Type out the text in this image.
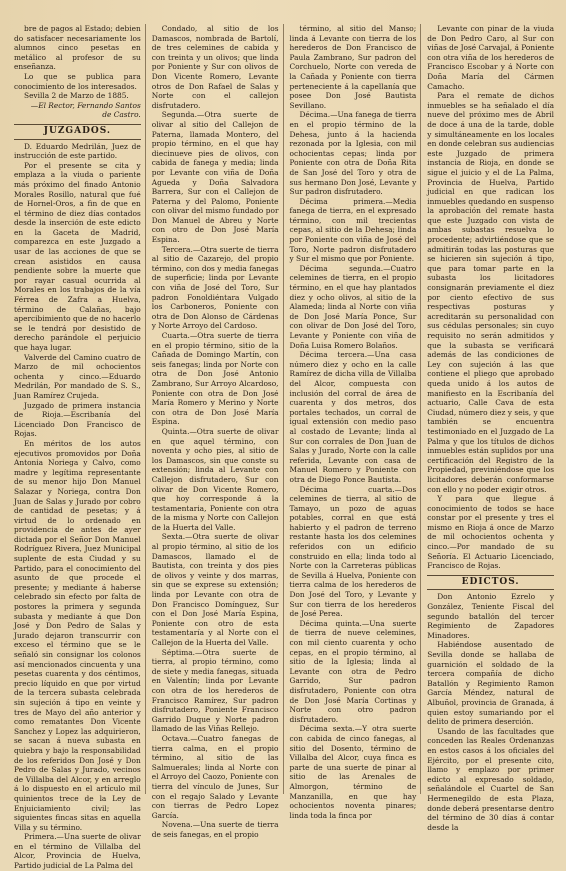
bre de pagos al Estado; debien do satisfacer necesariamente los alumnos cinco pesetas en metálico al profesor de su enseñanza.

Lo que se publica para conocimiento de los interesados.

Sevilla 2 de Marzo de 1885.

—El Rector, Fernando Santos de Castro.

JUZGADOS.

D. Eduardo Medrilán, Juez de instrucción de este partido.

Por el presente se cita y emplaza a la viuda o pariente más próximo del finado Antonio Morales Rosillo, natural que fué de Hornel-Oros, a fin de que en el término de diez días contados desde la inserción de este edicto en la Gaceta de Madrid, comparezca en este Juzgado a usar de las acciones de que se crean asistidos en causa pendiente sobre la muerte que por rayar casual ocurrida al Morales en los trabajos de la vía Férrea de Zafra a Huelva, término de Calañas, bajo apercibimiento que de no hacerlo se le tendrá por desistido de derecho parándole el perjuicio que haya lugar.

Valverde del Camino cuatro de Marzo de mil ochocientos ochenta y cinco.—Eduardo Medrilán, Por mandado de S. S., Juan Ramírez Crujeda.

Juzgado de primera instancia de Rioja.—Escribanía del Licenciado Don Francisco de Rojas.

En méritos de los autos ejecutivos promovidos por Doña Antonia Noriega y Calvo, como madre y legítima representante de su menor hijo Don Manuel Salazar y Noriega, contra Don Juan de Salas y Jurado por cobro de cantidad de pesetas; y á virtud de lo ordenado en providencia de antes de ayer dictada por el Señor Don Manuel Rodríguez Rivera, Juez Municipal suplente de esta Ciudad y su Partido, para el conocimiento del asunto de que procede el presente; y mediante á haberse celebrado sin efecto por falta de postores la primera y segunda subasta y mediante á que Don José y Don Pedro de Salas y Jurado dejaron transcurrir con exceso el término que se le señaló sin consignar los colonos así mencionados cincuenta y una pesetas cuarenta y dos céntimos, precio líquido en que por virtud de la tercera subasta celebrada sin sujeción á tipo en veinte y tres de Mayo del año anterior y como rematantes Don Vicente Sanchez y Lopez las adquirieron, se sacan á nueva subasta en quiebra y bajo la responsabilidad de los referidos Don José y Don Pedro de Salas y Jurado, vecinos de Villalba del Alcor, y en arreglo á lo dispuesto en el artículo mil quinientos trece de la Ley de Enjuiciamiento civil; las siguientes fincas sitas en aquella Villa y su término.

Primera.—Una suerte de olivar en el término de Villalba del Alcor, Provincia de Huelva, Partido judicial de La Palma del

Condado, al sitio de los Damascos, nombrada de Bartolí, de tres celemines de cabida y con treinta y un olivos; que linda por Poniente y Sur con olivos de Don Vicente Romero, Levante otros de Don Rafael de Salas y Norte con el callejon disfrutadero.

Segunda.—Otra suerte de olivar al sitio del Callejon de Paterna, llamada Montero, del propio término, en el que hay diecinueve pies de olivos, con cabida de fanega y media; linda por Levante con viña de Doña Agueda y Doña Salvadora Barrera, Sur con el Callejon de Paterna y del Palomo, Poniente con olivar del mismo fundado por Don Manuel de Abreu y Norte con otro de Don José María Espina.

Tercera.—Otra suerte de tierra al sitio de Cazarejo, del propio término, con dos y media fanegas de superficie; linda por Levante con viña de José del Toro, Sur padron Fonoldiéntara Vulgado los Carboneros, Poniente con otra de Don Alonso de Cárdenas y Norte Arroyo del Cardoso.

Cuarta.—Otra suerte de tierra en el propio término, sitio de la Cañada de Domingo Martín, con seis fanegas; linda por Norte con otra de Don José Antonio Zambrano, Sur Arroyo Alcardoso, Poniente con otra de Don José María Romero y Merino y Norte con otra de Don José María Espina.

Quinta.—Otra suerte de olivar en que aquel término, con noventa y ocho pies, al sitio de los Damascos, sin que conste su extensión; linda al Levante con Callejon disfrutadero, Sur con olivar de Don Vicente Romero, que hoy corresponde á la testamentaria, Poniente con otra de la misma y Norte con Callejon de la Huerta del Valle.

Sexta.—Otra suerte de olivar al propio término, al sitio de los Damascos, llamado el de Bautista, con treinta y dos pies de olivos y veinte y dos marras, sin que se exprese su extensión; linda por Levante con otra de Don Francisco Domínguez, Sur con el Don José María Espina, Poniente con otro de esta testamentaría y al Norte con el Callejon de la Huerta del Valle.

Séptima.—Otra suerte de tierra, al propio término, como de siete y media fanegas, situada en Valentín; linda por Levante con otra de los herederos de Francisco Ramírez, Sur padron disfrutadero, Poniente Francisco Garrido Duque y Norte padron llamado de las Viñas Rellejo.

Octava.—Cuatro fanegas de tierra calma, en el propio término, al sitio de las Salmuerales; linda al Norte con el Arroyo del Caozo, Poniente con tierra del vínculo de Junes, Sur con el regajo Salado y Levante con tierras de Pedro Lopez García.

Novena.—Una suerte de tierra de seis fanegas, en el propio

término, al sitio del Manso; linda á Levante con tierra de los herederos de Don Francisco de Paula Zambrano, Sur padron del Corchuelo, Norte con vereda de la Cañada y Poniente con tierra perteneciente á la capellanía que posee Don José Bautista Sevillano.

Décima.—Una fanega de tierra en el propio término de la Dehesa, junto á la hacienda rezonada por la Iglesia, con mil ochocientas cepas; linda por Poniente con otra de Doña Rita de San José del Toro y otra de sus hermano Don José, Levante y Sur padron disfrutadero.

Décima primera.—Media fanega de tierra, en el expresado término, con mil trecientas cepas, al sitio de la Dehesa; linda por Poniente con viña de José del Toro, Norte padron disfrutadero y Sur el mismo que por Poniente.

Décima segunda.—Cuatro celemines de tierra, en el propio término, en el que hay plantados diez y ocho olivos, al sitio de la Alameda; linda al Norte con viña de Don José María Ponce, Sur con olivar de Don José del Toro, Levante y Poniente con viña de Doña Luisa Romero Bolaños.

Décima tercera.—Una casa número diez y ocho en la calle Ramírez de dicha villa de Villalba del Alcor, compuesta con inclusión del corral de área de cuarenta y dos metros, dos portales techados, un corral de igual extensión con medio paso al costado de Levante; linda al Sur con corrales de Don Juan de Salas y Jurado, Norte con la calle referida, Levante con casa de Manuel Romero y Poniente con otra de Diego Ponce Bautista.

Décima cuarta.—Dos celemines de tierra, al sitio de Tamayo, un pozo de aguas potables, corral en que está habierto y el padron de terreno restante hasta los dos celemines referidos con un edificio construido en ella; linda todo al Norte con la Carreteras públicas de Sevilla á Huelva, Poniente con tierra calma de los herederos de Don José del Toro, y Levante y Sur con tierra de los herederos de José Perea.

Décima quinta.—Una suerte de tierra de nueve celemines, con mil ciento cuarenta y ocho cepas, en el propio término, al sitio de la Iglesia; linda al Levante con otra de Pedro Garrido, Sur padron disfrutadero, Poniente con otra de Don José María Cortinas y Norte con otro padron disfrutadero.

Décima sexta.—Y otra suerte con cabida de cinco fanegas, al sitio del Dosento, término de Villalba del Alcor, cuya finca es parte de una suerte de pinar al sitio de las Arenales de Almorgon, término de Manzanilla, en que hay ochocientos noventa pinares; linda toda la finca por

Levante con pinar de la viuda de Don Pedro Caro, al Sur con viñas de José Carvajal, á Poniente con otra viña de los herederos de Francisco Escobar y á Norte con Doña María del Cármen Camacho.

Para el remate de dichos inmuebles se ha señalado el día nueve del próximo mes de Abril de doce á una de la tarde, doble y simultáneamente en los locales en donde celebran sus audiencias este Juzgado de primera instancia de Rioja, en donde se sigue el juicio y el de La Palma, Provincia de Huelva, Partido judicial en que radican los inmuebles quedando en suspenso la aprobación del remate hasta que este Juzgado con vista de ambas subastas resuelva lo procedente; advirtiéndose que se admitirán todas las posturas que se hicieren sin sujeción á tipo, que para tomar parte en la subasta los licitadores consignarán previamente el diez por ciento efectivo de sus respectivas posturas y acreditarán su personalidad con sus cédulas personales; sin cuyo requisito no serán admitidos y que la subasta se verificará además de las condiciones de Ley con sujeción á las que contiene el pliego que aprobado queda unido á los autos de manifiesto en la Escribanía del actuario, Calle Cava de esta Ciudad, número diez y seis, y que también se encuentra testimoniado en el Juzgado de La Palma y que los títulos de dichos inmuebles están suplidos por una certificación del Registro de la Propiedad, previniéndose que los licitadores deberán conformarse con ello y no poder exigir otros.

Y para que llegue á conocimiento de todos se hace constar por el presente y tres el mismo en Rioja á once de Marzo de mil ochocientos ochenta y cinco.—Por mandado de su Señoría. El Actuario Licenciado, Francisco de Rojas.

EDICTOS.

Don Antonio Ezrelo y González, Teniente Fiscal del segundo batallón del tercer Regimiento de Zapadores Minadores.

Habiéndose ausentado de Sevilla donde se hallaba de guarnición el soldado de la tercera compañía de dicho Batallón y Regimiento Ramon García Méndez, natural de Albuñol, provincia de Granada, á quien estoy sumariando por el delito de primera deserción.

Usando de las facultades que conceden las Reales Ordenanzas en estos casos á los oficiales del Ejército, por el presente cito, llamo y emplazo por primer edicto al expresado soldado, señalándole el Cuartel de San Hermenegildo de esta Plaza, donde deberá presentarse dentro del término de 30 días á contar desde la
